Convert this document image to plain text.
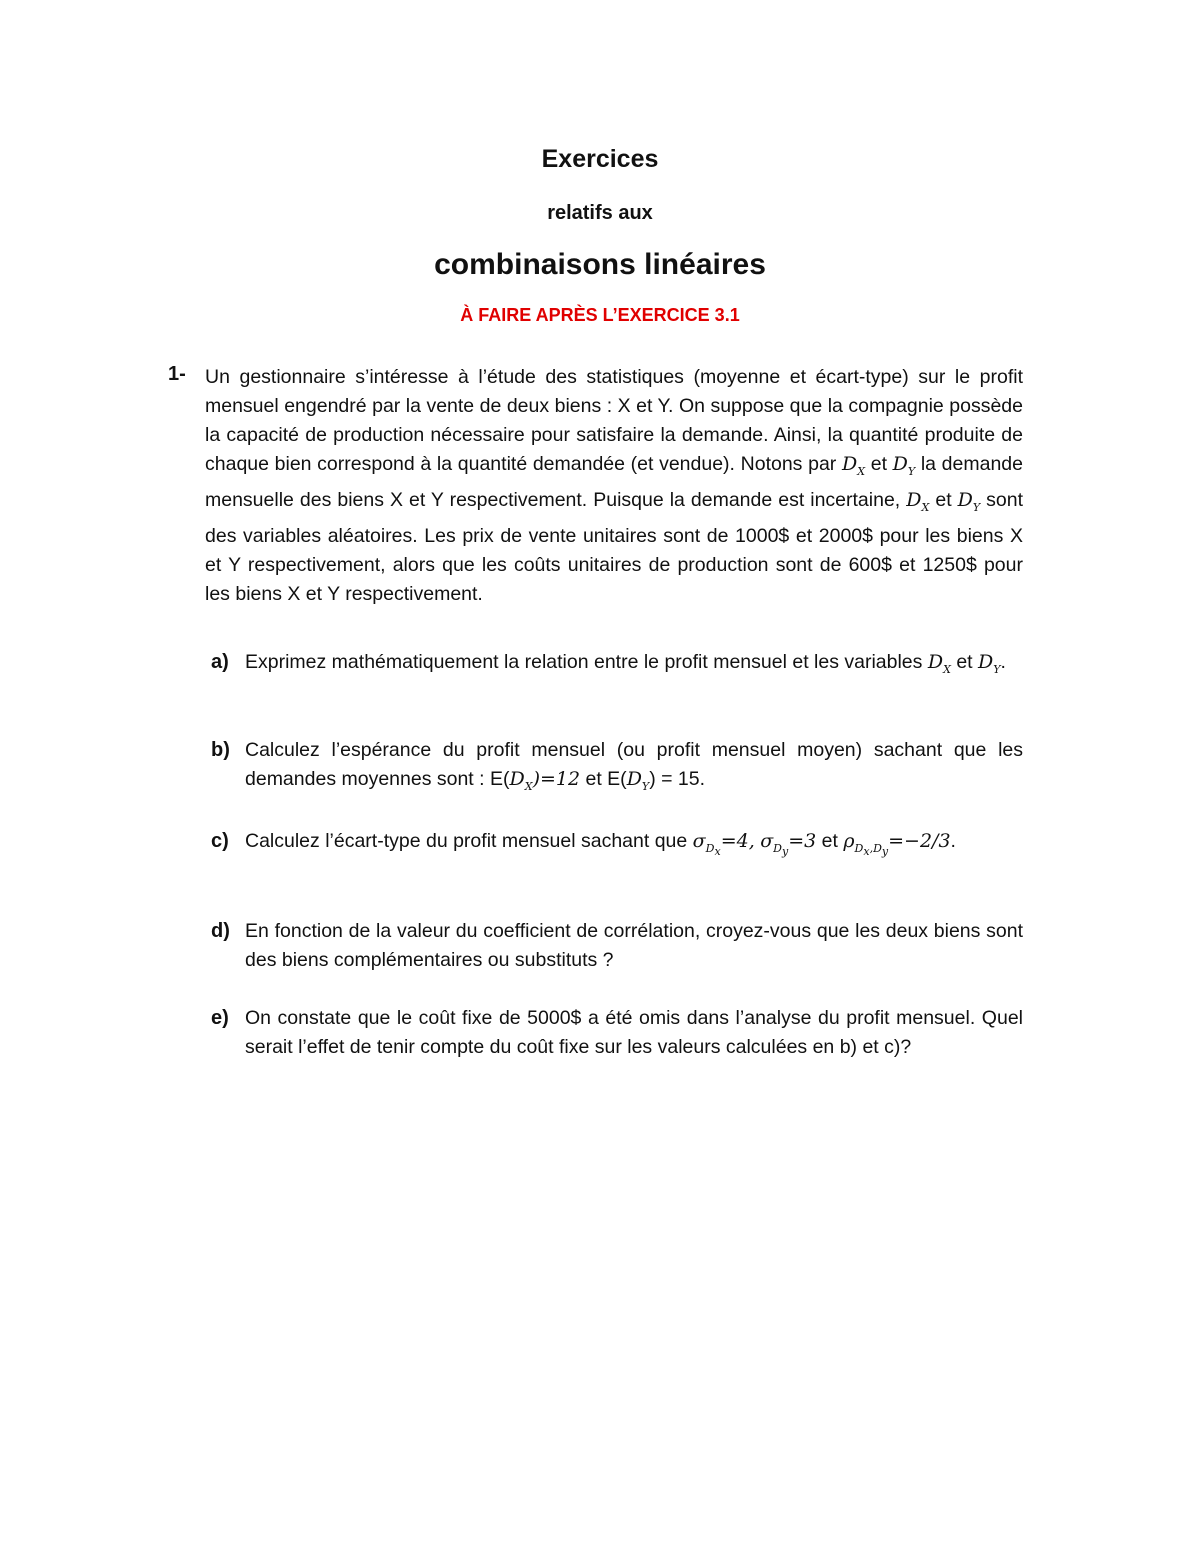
Exercices
relatifs aux
combinaisons linéaires
À FAIRE APRÈS L’EXERCICE 3.1
1- Un gestionnaire s’intéresse à l’étude des statistiques (moyenne et écart-type) sur le profit mensuel engendré par la vente de deux biens : X et Y. On suppose que la compagnie possède la capacité de production nécessaire pour satisfaire la demande. Ainsi, la quantité produite de chaque bien correspond à la quantité demandée (et vendue). Notons par $D_X$ et $D_Y$ la demande mensuelle des biens X et Y respectivement. Puisque la demande est incertaine, $D_X$ et $D_Y$ sont des variables aléatoires. Les prix de vente unitaires sont de 1000$ et 2000$ pour les biens X et Y respectivement, alors que les coûts unitaires de production sont de 600$ et 1250$ pour les biens X et Y respectivement.

a) Exprimez mathématiquement la relation entre le profit mensuel et les variables $D_X$ et $D_Y$.
b) Calculez l’espérance du profit mensuel (ou profit mensuel moyen) sachant que les demandes moyennes sont : $E(D_X)=12$ et $E(D_Y) = 15$.
c) Calculez l’écart-type du profit mensuel sachant que $\sigma_{D_x}=4$, $\sigma_{D_y}=3$ et $\rho_{D_x,D_y}=-2/3$.
d) En fonction de la valeur du coefficient de corrélation, croyez-vous que les deux biens sont des biens complémentaires ou substituts ?
e) On constate que le coût fixe de 5000$ a été omis dans l’analyse du profit mensuel. Quel serait l’effet de tenir compte du coût fixe sur les valeurs calculées en b) et c)?
